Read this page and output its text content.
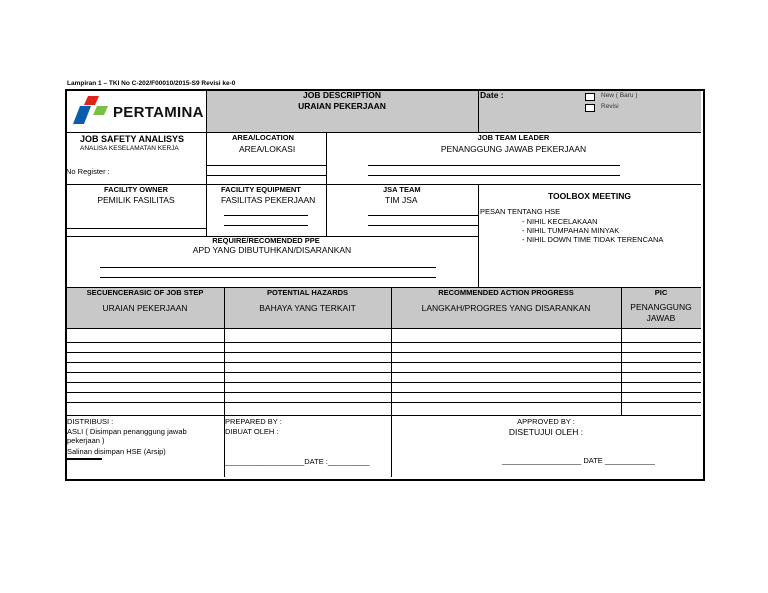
Lampiran 1 – TKI No C-202/F00010/2015-S9 Revisi ke-0
PERTAMINA
JOB DESCRIPTION
URAIAN PEKERJAAN
Date :	New ( Baru )
Revisi
JOB SAFETY ANALISYS
ANALISA KESELAMATAN KERJA
No Register :
AREA/LOCATION
AREA/LOKASI
JOB TEAM LEADER
PENANGGUNG JAWAB PEKERJAAN
FACILITY OWNER
PEMILIK FASILITAS
FACILITY EQUIPMENT
FASILITAS PEKERJAAN
JSA TEAM
TIM JSA	TOOLBOX MEETING
PESAN TENTANG HSE
- NIHIL KECELAKAAN
- NIHIL TUMPAHAN MINYAK
- NIHIL DOWN TIME TIDAK TERENCANA
REQUIRE/RECOMENDED PPE
APD YANG DIBUTUHKAN/DISARANKAN
SECUENCERASIC OF JOB STEP
URAIAN PEKERJAAN
POTENTIAL HAZARDS
BAHAYA YANG TERKAIT
RECOMMENDED ACTION PROGRESS
LANGKAH/PROGRES YANG DISARANKAN
PIC
PENANGGUNG
JAWAB
DISTRIBUSI :
ASLI ( Disimpan penanggung jawab
pekerjaan )
Salinan disimpan HSE (Arsip)
PREPARED BY :
DIBUAT OLEH :
___________________DATE :__________
APPROVED BY :
DISETUJUI OLEH :
___________________ DATE ____________
